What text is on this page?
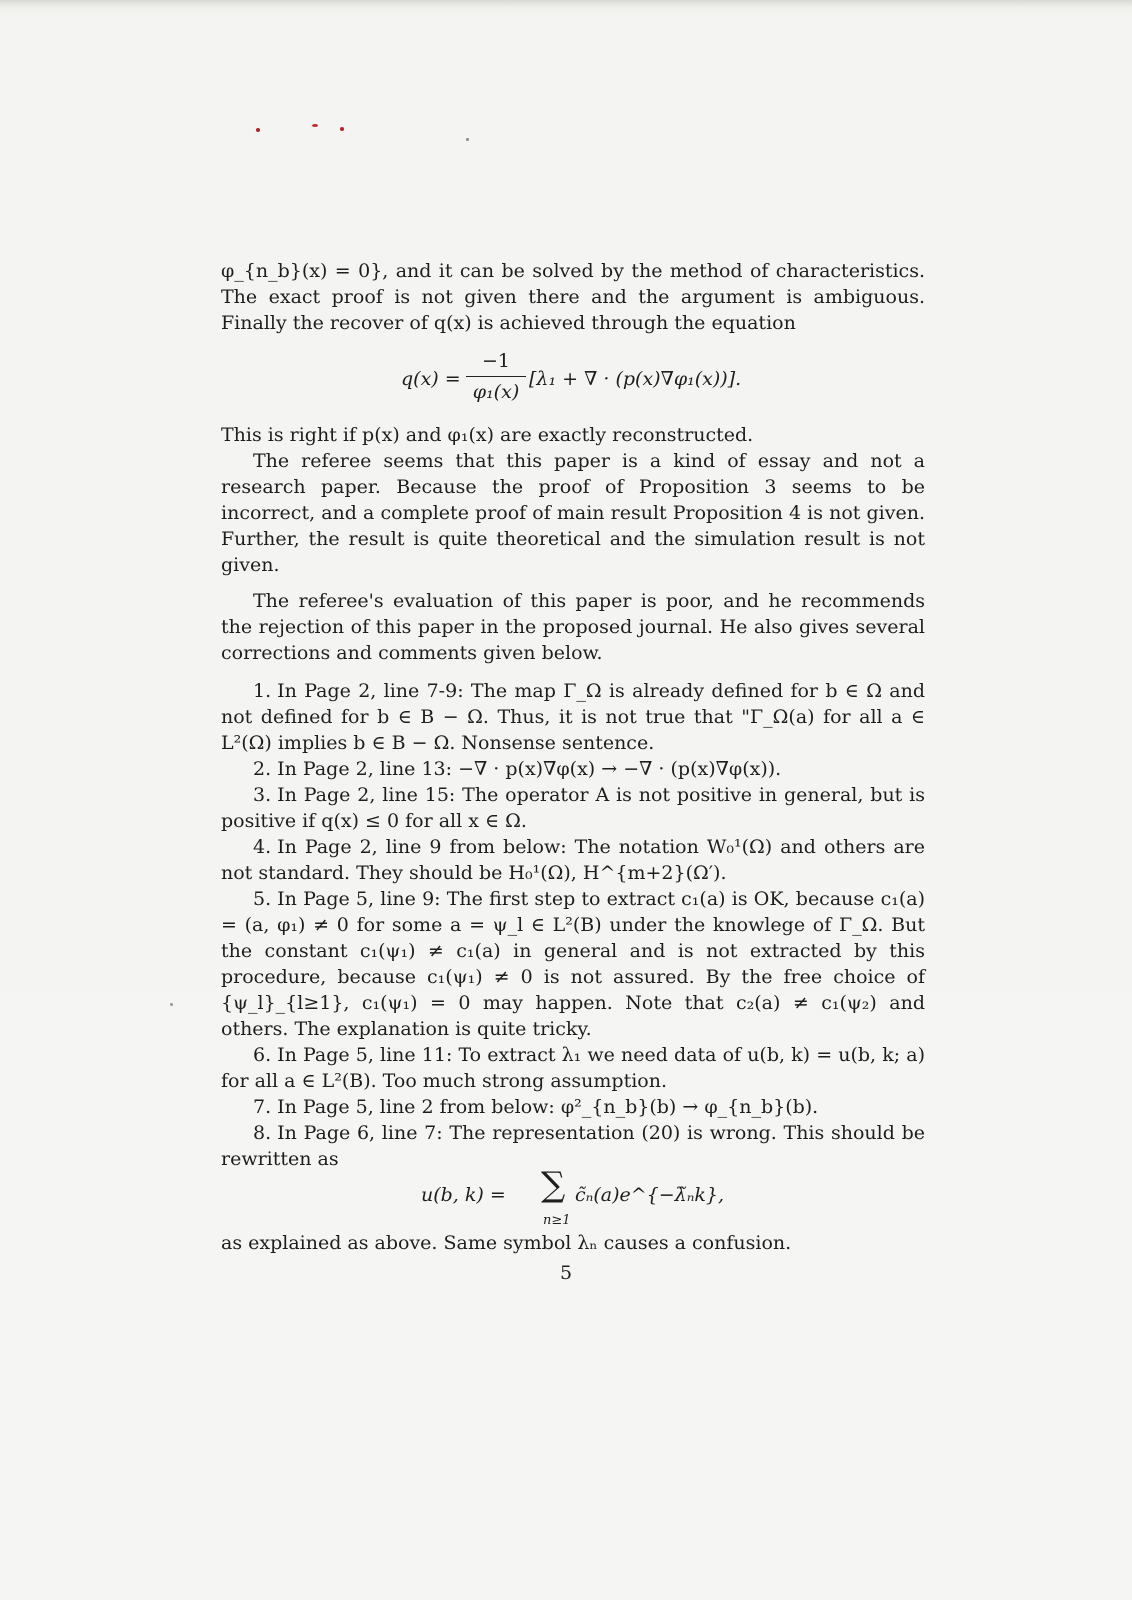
φ_{n_b}(x) = 0}, and it can be solved by the method of characteristics. The exact proof is not given there and the argument is ambiguous. Finally the recover of q(x) is achieved through the equation

$q(x) = \frac{-1}{\text{φ₁(x)}} [\lambda_1$ + ∇ · (p(x)∇φ₁(x))].

This is right if p(x) and φ₁(x) are exactly reconstructed.

The referee seems that this paper is a kind of essay and not a research paper. Because the proof of Proposition 3 seems to be incorrect, and a complete proof of main result Proposition 4 is not given. Further, the result is quite theoretical and the simulation result is not given.

The referee's evaluation of this paper is poor, and he recommends the rejection of this paper in the proposed journal. He also gives several corrections and comments given below.

1. In Page 2, line 7-9: The map Γ_Ω is already defined for b ∈ Ω and not defined for b ∈ B − Ω. Thus, it is not true that "Γ_Ω(a) for all a ∈ L²(Ω) implies b ∈ B − Ω. Nonsense sentence.

2. In Page 2, line 13: −∇ · p(x)∇φ(x) → −∇ · (p(x)∇φ(x)).

3. In Page 2, line 15: The operator A is not positive in general, but is positive if q(x) ≤ 0 for all x ∈ Ω.

4. In Page 2, line 9 from below: The notation W₀¹(Ω) and others are not standard. They should be H₀¹(Ω), H^{m+2}(Ω′).

5. In Page 5, line 9: The first step to extract c₁(a) is OK, because c₁(a) = (a, φ₁) ≠ 0 for some a = ψ_l ∈ L²(B) under the knowlege of Γ_Ω. But the constant c₁(ψ₁) ≠ c₁(a) in general and is not extracted by this procedure, because c₁(ψ₁) ≠ 0 is not assured. By the free choice of {ψ_l}_{l≥1}, c₁(ψ₁) = 0 may happen. Note that c₂(a) ≠ c₁(ψ₂) and others. The explanation is quite tricky.

6. In Page 5, line 11: To extract λ₁ we need data of u(b, k) = u(b, k; a) for all a ∈ L²(B). Too much strong assumption.

7. In Page 5, line 2 from below: φ²_{n_b}(b) → φ_{n_b}(b).

8. In Page 6, line 7: The representation (20) is wrong. This should be rewritten as

u(b, k) = ∑
n≥1
c̃ₙ(a)e^{−λ̃ₙk},

as explained as above. Same symbol λₙ causes a confusion.

5
